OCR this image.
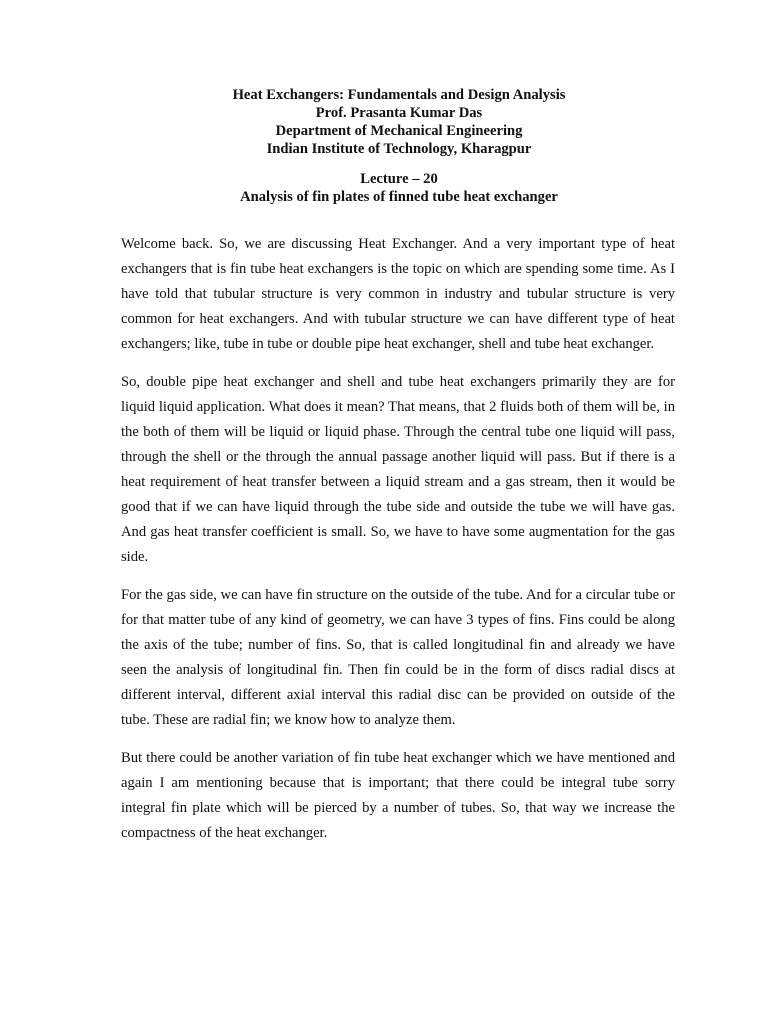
Heat Exchangers: Fundamentals and Design Analysis
Prof. Prasanta Kumar Das
Department of Mechanical Engineering
Indian Institute of Technology, Kharagpur
Lecture – 20
Analysis of fin plates of finned tube heat exchanger

Welcome back. So, we are discussing Heat Exchanger. And a very important type of heat exchangers that is fin tube heat exchangers is the topic on which are spending some time. As I have told that tubular structure is very common in industry and tubular structure is very common for heat exchangers. And with tubular structure we can have different type of heat exchangers; like, tube in tube or double pipe heat exchanger, shell and tube heat exchanger.

So, double pipe heat exchanger and shell and tube heat exchangers primarily they are for liquid liquid application. What does it mean? That means, that 2 fluids both of them will be, in the both of them will be liquid or liquid phase. Through the central tube one liquid will pass, through the shell or the through the annual passage another liquid will pass. But if there is a heat requirement of heat transfer between a liquid stream and a gas stream, then it would be good that if we can have liquid through the tube side and outside the tube we will have gas. And gas heat transfer coefficient is small. So, we have to have some augmentation for the gas side.

For the gas side, we can have fin structure on the outside of the tube. And for a circular tube or for that matter tube of any kind of geometry, we can have 3 types of fins. Fins could be along the axis of the tube; number of fins. So, that is called longitudinal fin and already we have seen the analysis of longitudinal fin. Then fin could be in the form of discs radial discs at different interval, different axial interval this radial disc can be provided on outside of the tube. These are radial fin; we know how to analyze them.

But there could be another variation of fin tube heat exchanger which we have mentioned and again I am mentioning because that is important; that there could be integral tube sorry integral fin plate which will be pierced by a number of tubes. So, that way we increase the compactness of the heat exchanger.
